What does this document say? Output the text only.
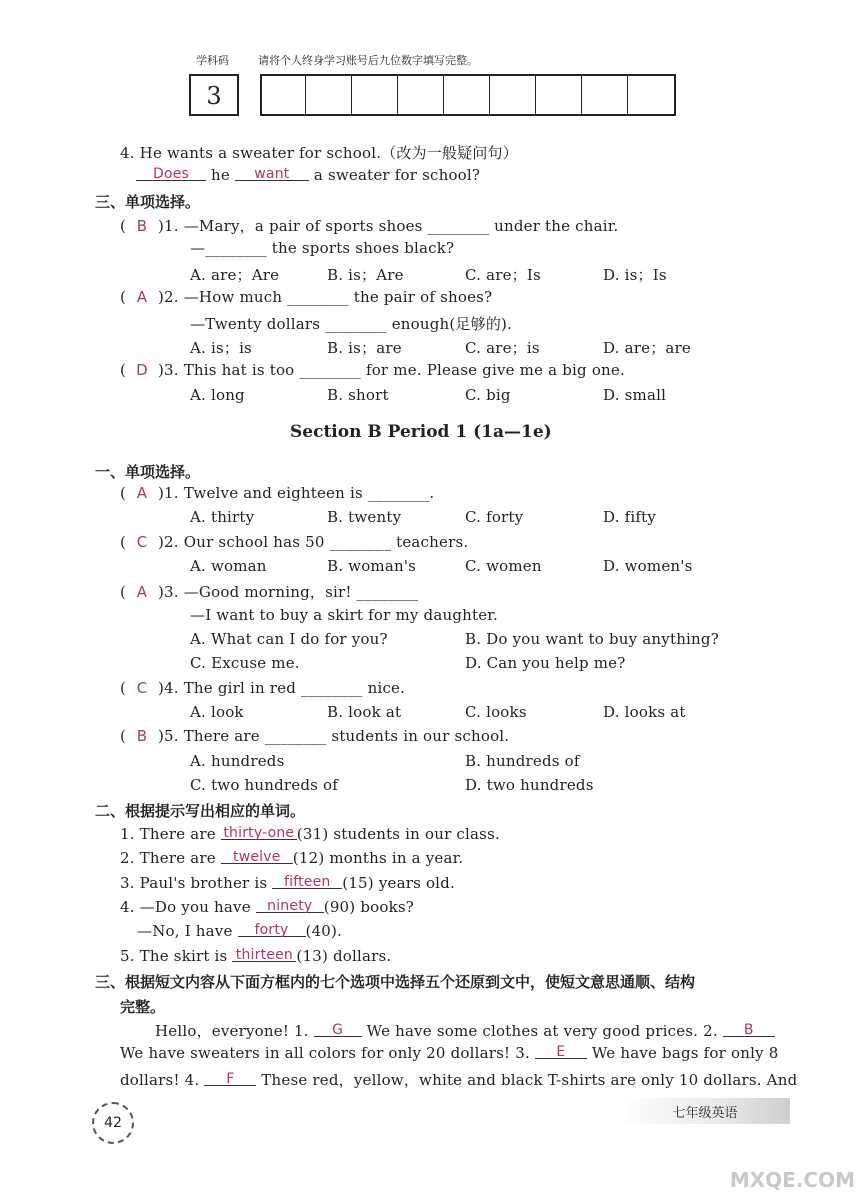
学科码	请将个人终身学习账号后九位数字填写完整。
3
4. He wants a sweater for school.（改为一般疑问句）
Does he want a sweater for school?
三、单项选择。
( B )1. —Mary，a pair of sports shoes ________ under the chair.
—________ the sports shoes black?
A. are；Are	B. is；Are	C. are；Is	D. is；Is
( A )2. —How much ________ the pair of shoes?
—Twenty dollars ________ enough(足够的).
A. is；is	B. is；are	C. are；is	D. are；are
( D )3. This hat is too ________ for me. Please give me a big one.
A. long	B. short	C. big	D. small
Section B Period 1 (1a—1e)
一、单项选择。
( A )1. Twelve and eighteen is ________.
A. thirty	B. twenty	C. forty	D. fifty
( C )2. Our school has 50 ________ teachers.
A. woman	B. woman's	C. women	D. women's
( A )3. —Good morning，sir! ________
—I want to buy a skirt for my daughter.
A. What can I do for you?	B. Do you want to buy anything?
C. Excuse me.	D. Can you help me?
( C )4. The girl in red ________ nice.
A. look	B. look at	C. looks	D. looks at
( B )5. There are ________ students in our school.
A. hundreds	B. hundreds of
C. two hundreds of	D. two hundreds
二、根据提示写出相应的单词。
1. There are thirty-one (31) students in our class.
2. There are twelve (12) months in a year.
3. Paul's brother is fifteen (15) years old.
4. —Do you have ninety (90) books?
—No, I have forty (40).
5. The skirt is thirteen (13) dollars.
三、根据短文内容从下面方框内的七个选项中选择五个还原到文中，使短文意思通顺、结构
完整。
Hello，everyone! 1. G We have some clothes at very good prices. 2. B
We have sweaters in all colors for only 20 dollars! 3. E We have bags for only 8
dollars! 4. F These red，yellow，white and black T-shirts are only 10 dollars. And
42
七年级英语
MXQE.COM
